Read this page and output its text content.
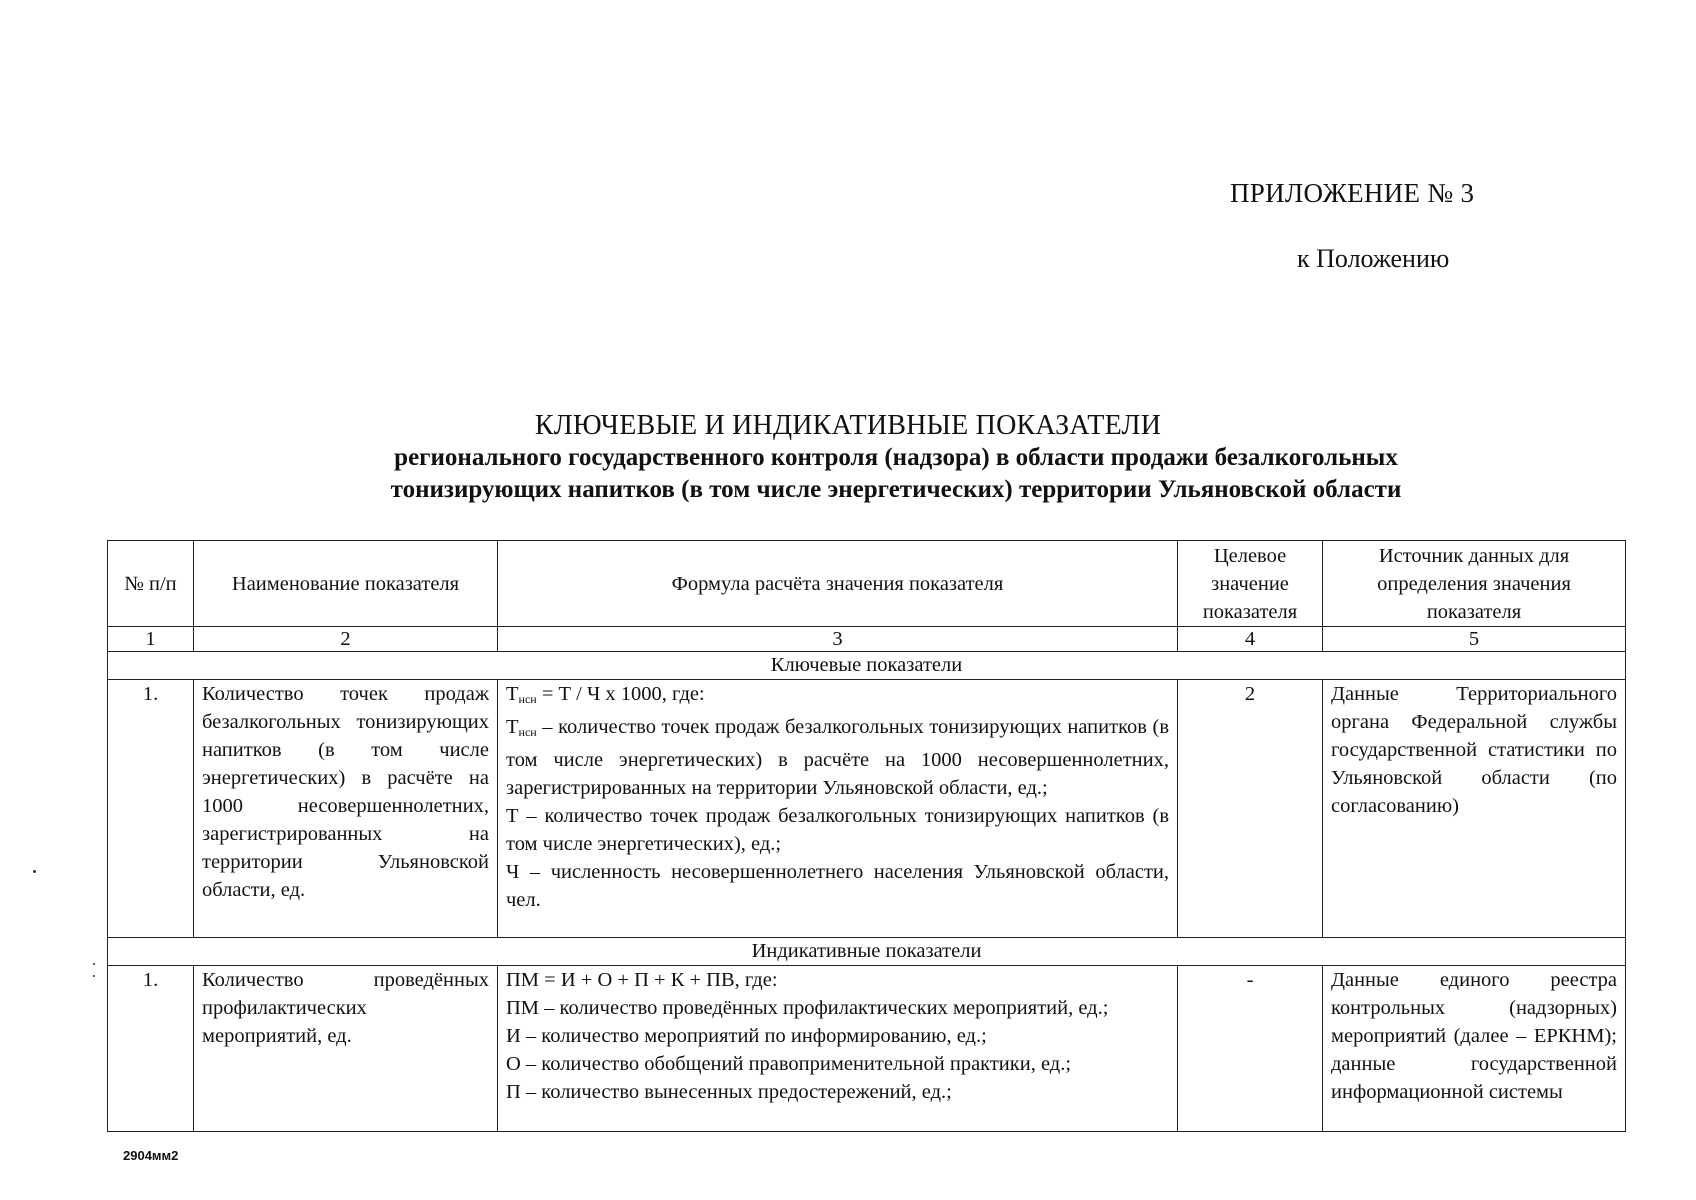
ПРИЛОЖЕНИЕ № 3
к Положению
КЛЮЧЕВЫЕ И ИНДИКАТИВНЫЕ ПОКАЗАТЕЛИ
регионального государственного контроля (надзора) в области продажи безалкогольных
тонизирующих напитков (в том числе энергетических) территории Ульяновской области
№ п/п	Наименование показателя	Формула расчёта значения показателя	Целевое значение показателя	Источник данных для определения значения показателя
1	2	3	4	5
Ключевые показатели				
1.	Количество точек продаж безалкогольных тонизирующих напитков (в том числе энергетических) в расчёте на 1000 несовершеннолетних, зарегистрированных на территории Ульяновской области, ед.	$Т_{нсн} = Т / Ч$ х 1000, где:
$Т_{нсн}$ – количество точек продаж безалкогольных тонизирующих напитков (в том числе энергетических) в расчёте на 1000 несовершеннолетних, зарегистрированных на территории Ульяновской области, ед.;
Т – количество точек продаж безалкогольных тонизирующих напитков (в том числе энергетических), ед.;
Ч – численность несовершеннолетнего населения Ульяновской области, чел.	2	Данные Территориального органа Федеральной службы государственной статистики по Ульяновской области (по согласованию)
Индикативные показатели				
1.	Количество проведённых профилактических мероприятий, ед.	ПМ = И + О + П + К + ПВ, где:
ПМ – количество проведённых профилактических мероприятий, ед.;
И – количество мероприятий по информированию, ед.;
О – количество обобщений правоприменительной практики, ед.;
П – количество вынесенных предостережений, ед.;	-	Данные единого реестра контрольных (надзорных) мероприятий (далее – ЕРКНМ); данные государственной информационной системы
2904мм2
